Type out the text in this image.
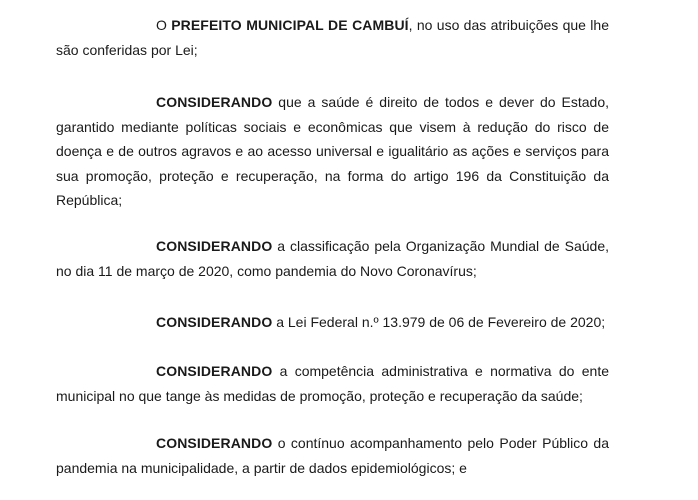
O PREFEITO MUNICIPAL DE CAMBUÍ, no uso das atribuições que lhe são conferidas por Lei;

CONSIDERANDO que a saúde é direito de todos e dever do Estado, garantido mediante políticas sociais e econômicas que visem à redução do risco de doença e de outros agravos e ao acesso universal e igualitário as ações e serviços para sua promoção, proteção e recuperação, na forma do artigo 196 da Constituição da República;

CONSIDERANDO a classificação pela Organização Mundial de Saúde, no dia 11 de março de 2020, como pandemia do Novo Coronavírus;

CONSIDERANDO a Lei Federal n.º 13.979 de 06 de Fevereiro de 2020;

CONSIDERANDO a competência administrativa e normativa do ente municipal no que tange às medidas de promoção, proteção e recuperação da saúde;

CONSIDERANDO o contínuo acompanhamento pelo Poder Público da pandemia na municipalidade, a partir de dados epidemiológicos; e
